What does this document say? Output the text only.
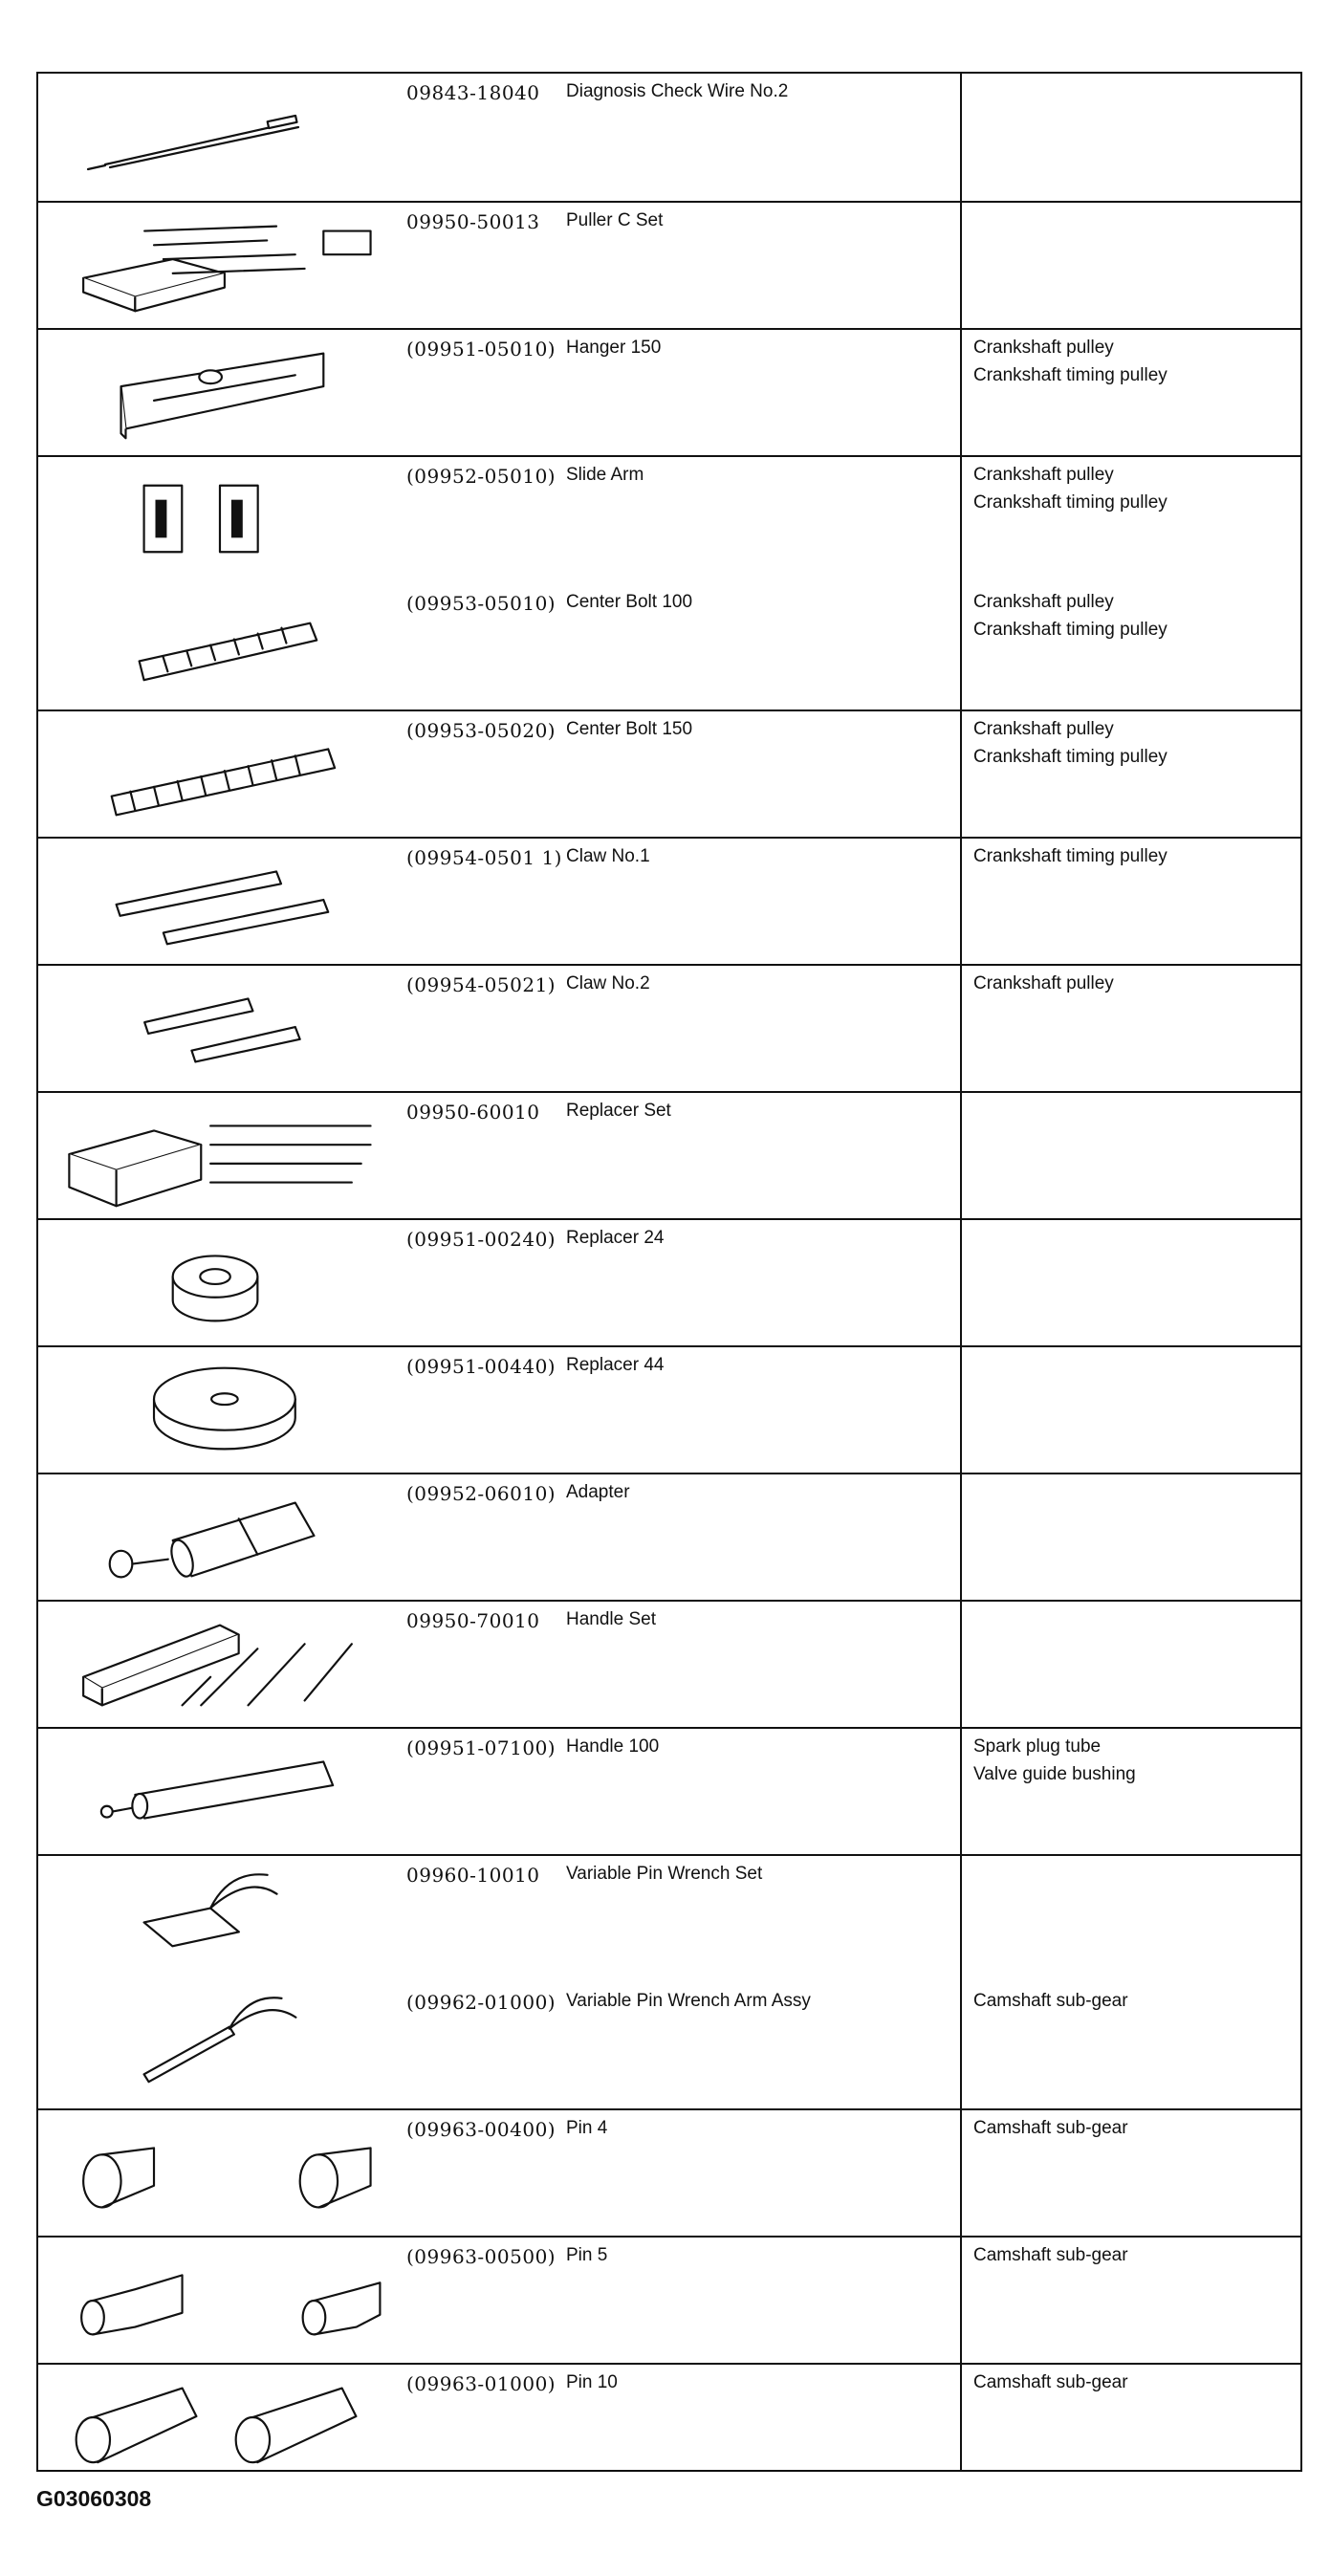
09843-18040 Diagnosis Check Wire No.2
09950-50013 Puller C Set
(09951-05010) Hanger 150	Crankshaft pulley
Crankshaft timing pulley
(09952-05010) Slide Arm	Crankshaft pulley
Crankshaft timing pulley
(09953-05010) Center Bolt 100	Crankshaft pulley
Crankshaft timing pulley
(09953-05020) Center Bolt 150	Crankshaft pulley
Crankshaft timing pulley
(09954-0501 1) Claw No.1	Crankshaft timing pulley
(09954-05021) Claw No.2	Crankshaft pulley
09950-60010 Replacer Set
(09951-00240) Replacer 24
(09951-00440) Replacer 44
(09952-06010) Adapter
09950-70010 Handle Set
(09951-07100) Handle 100	Spark plug tube
Valve guide bushing
09960-10010 Variable Pin Wrench Set
(09962-01000) Variable Pin Wrench Arm Assy	Camshaft sub-gear
(09963-00400) Pin 4	Camshaft sub-gear
(09963-00500) Pin 5	Camshaft sub-gear
(09963-01000) Pin 10	Camshaft sub-gear
G03060308
